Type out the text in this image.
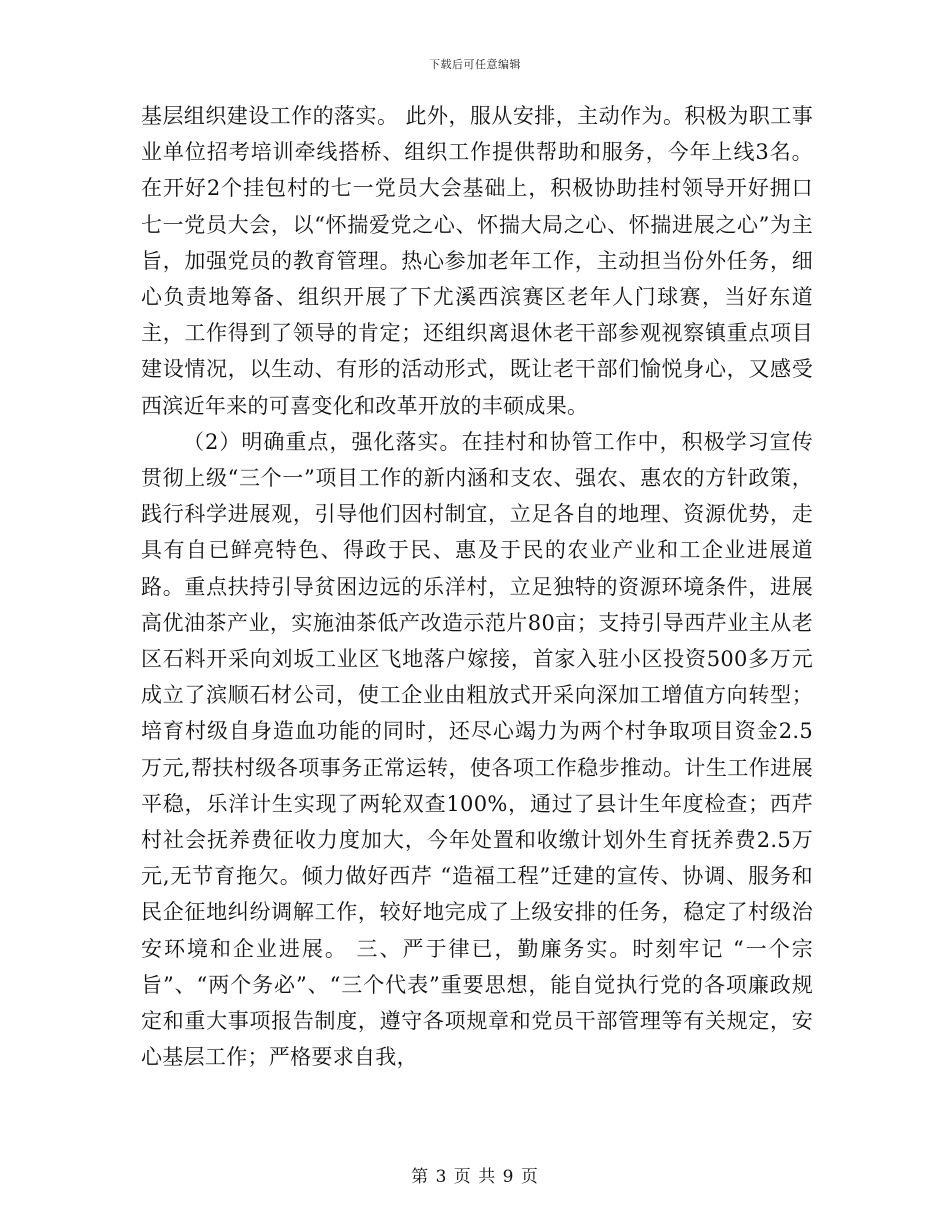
下载后可任意编辑

基层组织建设工作的落实。 此外，服从安排，主动作为。积极为职工事业单位招考培训牵线搭桥、组织工作提供帮助和服务，今年上线3名。在开好2个挂包村的七一党员大会基础上，积极协助挂村领导开好拥口七一党员大会，以“怀揣爱党之心、怀揣大局之心、怀揣进展之心”为主旨，加强党员的教育管理。热心参加老年工作，主动担当份外任务，细心负责地筹备、组织开展了下尤溪西滨赛区老年人门球赛，当好东道主，工作得到了领导的肯定；还组织离退休老干部参观视察镇重点项目建设情况，以生动、有形的活动形式，既让老干部们愉悦身心，又感受西滨近年来的可喜变化和改革开放的丰硕成果。

（2）明确重点，强化落实。在挂村和协管工作中，积极学习宣传贯彻上级“三个一”项目工作的新内涵和支农、强农、惠农的方针政策，践行科学进展观，引导他们因村制宜，立足各自的地理、资源优势，走具有自已鲜亮特色、得政于民、惠及于民的农业产业和工企业进展道路。重点扶持引导贫困边远的乐洋村，立足独特的资源环境条件，进展高优油茶产业，实施油茶低产改造示范片80亩；支持引导西芹业主从老区石料开采向刘坂工业区飞地落户嫁接，首家入驻小区投资500多万元成立了滨顺石材公司，使工企业由粗放式开采向深加工增值方向转型；培育村级自身造血功能的同时，还尽心竭力为两个村争取项目资金2.5万元,帮扶村级各项事务正常运转，使各项工作稳步推动。计生工作进展平稳，乐洋计生实现了两轮双查100%，通过了县计生年度检查；西芹村社会抚养费征收力度加大，今年处置和收缴计划外生育抚养费2.5万元,无节育拖欠。倾力做好西芹 “造福工程”迁建的宣传、协调、服务和民企征地纠纷调解工作，较好地完成了上级安排的任务，稳定了村级治安环境和企业进展。 三、严于律已，勤廉务实。时刻牢记 “一个宗旨”、“两个务必”、“三个代表”重要思想，能自觉执行党的各项廉政规定和重大事项报告制度，遵守各项规章和党员干部管理等有关规定，安心基层工作；严格要求自我，

第 3 页 共 9 页
